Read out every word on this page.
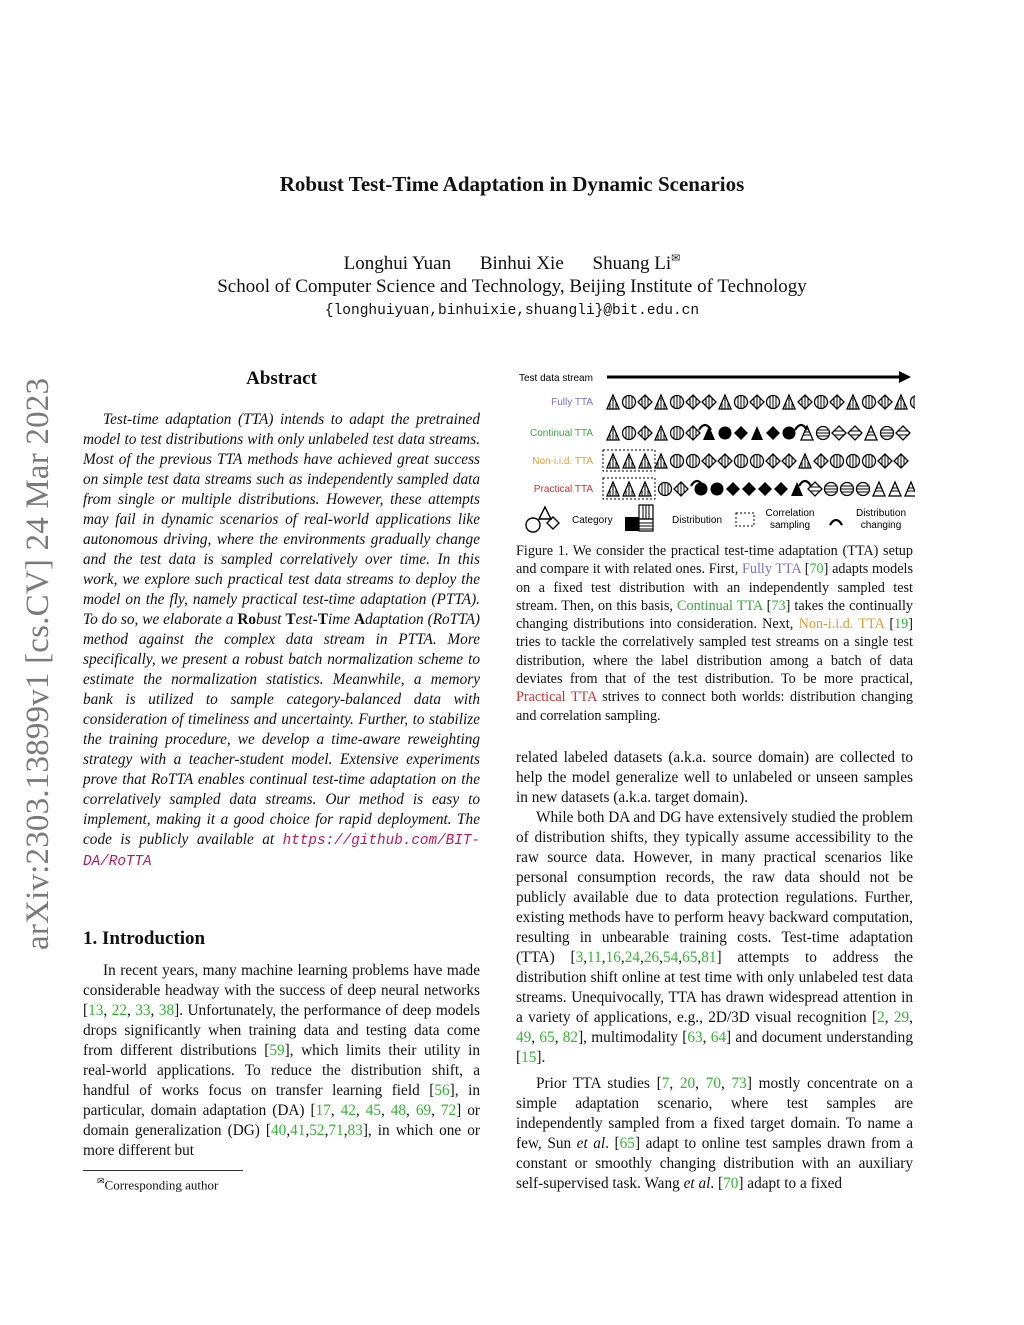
Robust Test-Time Adaptation in Dynamic Scenarios
Longhui Yuan Binhui Xie Shuang Li✉
School of Computer Science and Technology, Beijing Institute of Technology
{longhuiyuan,binhuixie,shuangli}@bit.edu.cn
arXiv:2303.13899v1 [cs.CV] 24 Mar 2023	Abstract
Test-time adaptation (TTA) intends to adapt the pretrained model to test distributions with only unlabeled test data streams. Most of the previous TTA methods have achieved great success on simple test data streams such as independently sampled data from single or multiple distributions. However, these attempts may fail in dynamic scenarios of real-world applications like autonomous driving, where the environments gradually change and the test data is sampled correlatively over time. In this work, we explore such practical test data streams to deploy the model on the fly, namely practical test-time adaptation (PTTA). To do so, we elaborate a Robust Test-Time Adaptation (RoTTA) method against the complex data stream in PTTA. More specifically, we present a robust batch normalization scheme to estimate the normalization statistics. Meanwhile, a memory bank is utilized to sample category-balanced data with consideration of timeliness and uncertainty. Further, to stabilize the training procedure, we develop a time-aware reweighting strategy with a teacher-student model. Extensive experiments prove that RoTTA enables continual test-time adaptation on the correlatively sampled data streams. Our method is easy to implement, making it a good choice for rapid deployment. The code is publicly available at https://github.com/BIT-DA/RoTTA
1. Introduction
In recent years, many machine learning problems have made considerable headway with the success of deep neural networks [13, 22, 33, 38]. Unfortunately, the performance of deep models drops significantly when training data and testing data come from different distributions [59], which limits their utility in real-world applications. To reduce the distribution shift, a handful of works focus on transfer learning field [56], in particular, domain adaptation (DA) [17, 42, 45, 48, 69, 72] or domain generalization (DG) [40,41,52,71,83], in which one or more different but
✉Corresponding author
Test data stream
Fully TTA
Continual TTA
Non-i.i.d. TTA
Practical TTA
Category	Distribution
Correlation
sampling
Distribution
changing
Figure 1. We consider the practical test-time adaptation (TTA) setup and compare it with related ones. First, Fully TTA [70] adapts models on a fixed test distribution with an independently sampled test stream. Then, on this basis, Continual TTA [73] takes the continually changing distributions into consideration. Next, Non-i.i.d. TTA [19] tries to tackle the correlatively sampled test streams on a single test distribution, where the label distribution among a batch of data deviates from that of the test distribution. To be more practical, Practical TTA strives to connect both worlds: distribution changing and correlation sampling.
related labeled datasets (a.k.a. source domain) are collected to help the model generalize well to unlabeled or unseen samples in new datasets (a.k.a. target domain).
While both DA and DG have extensively studied the problem of distribution shifts, they typically assume accessibility to the raw source data. However, in many practical scenarios like personal consumption records, the raw data should not be publicly available due to data protection regulations. Further, existing methods have to perform heavy backward computation, resulting in unbearable training costs. Test-time adaptation (TTA) [3,11,16,24,26,54,65,81] attempts to address the distribution shift online at test time with only unlabeled test data streams. Unequivocally, TTA has drawn widespread attention in a variety of applications, e.g., 2D/3D visual recognition [2, 29, 49, 65, 82], multimodality [63, 64] and document understanding [15].
Prior TTA studies [7, 20, 70, 73] mostly concentrate on a simple adaptation scenario, where test samples are independently sampled from a fixed target domain. To name a few, Sun et al. [65] adapt to online test samples drawn from a constant or smoothly changing distribution with an auxiliary self-supervised task. Wang et al. [70] adapt to a fixed
